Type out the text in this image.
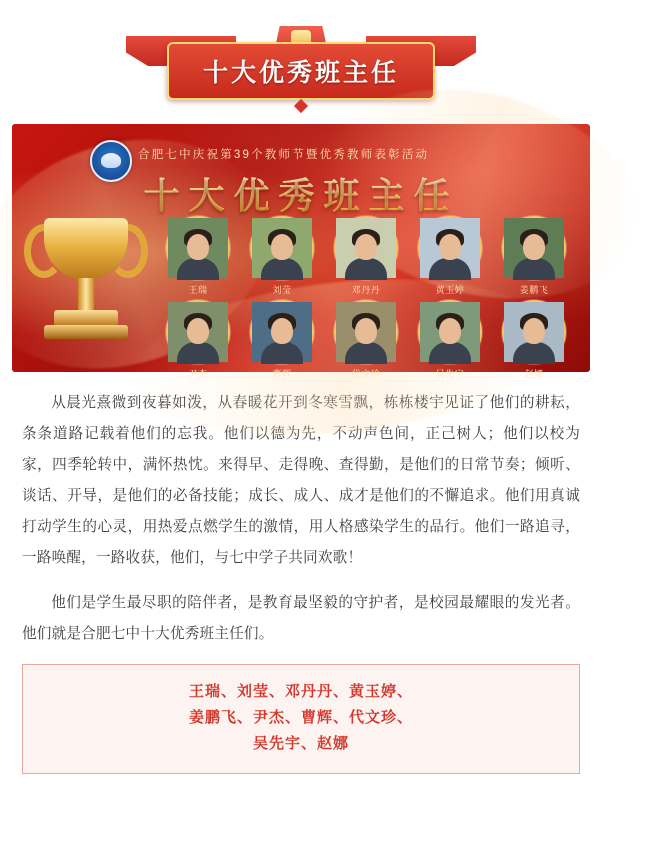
十大优秀班主任
合肥七中庆祝第39个教师节暨优秀教师表彰活动
十大优秀班主任
王瑞	刘莹	邓丹丹	黄玉婷	姜鹏飞
尹杰	曹辉	代文珍	吴先宇	赵娜

从晨光熹微到夜暮如泼，从春暖花开到冬寒雪飘，栋栋楼宇见证了他们的耕耘，条条道路记载着他们的忘我。他们以德为先，不动声色间，正己树人；他们以校为家，四季轮转中，满怀热忱。来得早、走得晚、查得勤，是他们的日常节奏；倾听、谈话、开导，是他们的必备技能；成长、成人、成才是他们的不懈追求。他们用真诚打动学生的心灵，用热爱点燃学生的激情，用人格感染学生的品行。他们一路追寻，一路唤醒，一路收获，他们，与七中学子共同欢歌！

他们是学生最尽职的陪伴者，是教育最坚毅的守护者，是校园最耀眼的发光者。他们就是合肥七中十大优秀班主任们。

王瑞、刘莹、邓丹丹、黄玉婷、
姜鹏飞、尹杰、曹辉、代文珍、
吴先宇、赵娜
